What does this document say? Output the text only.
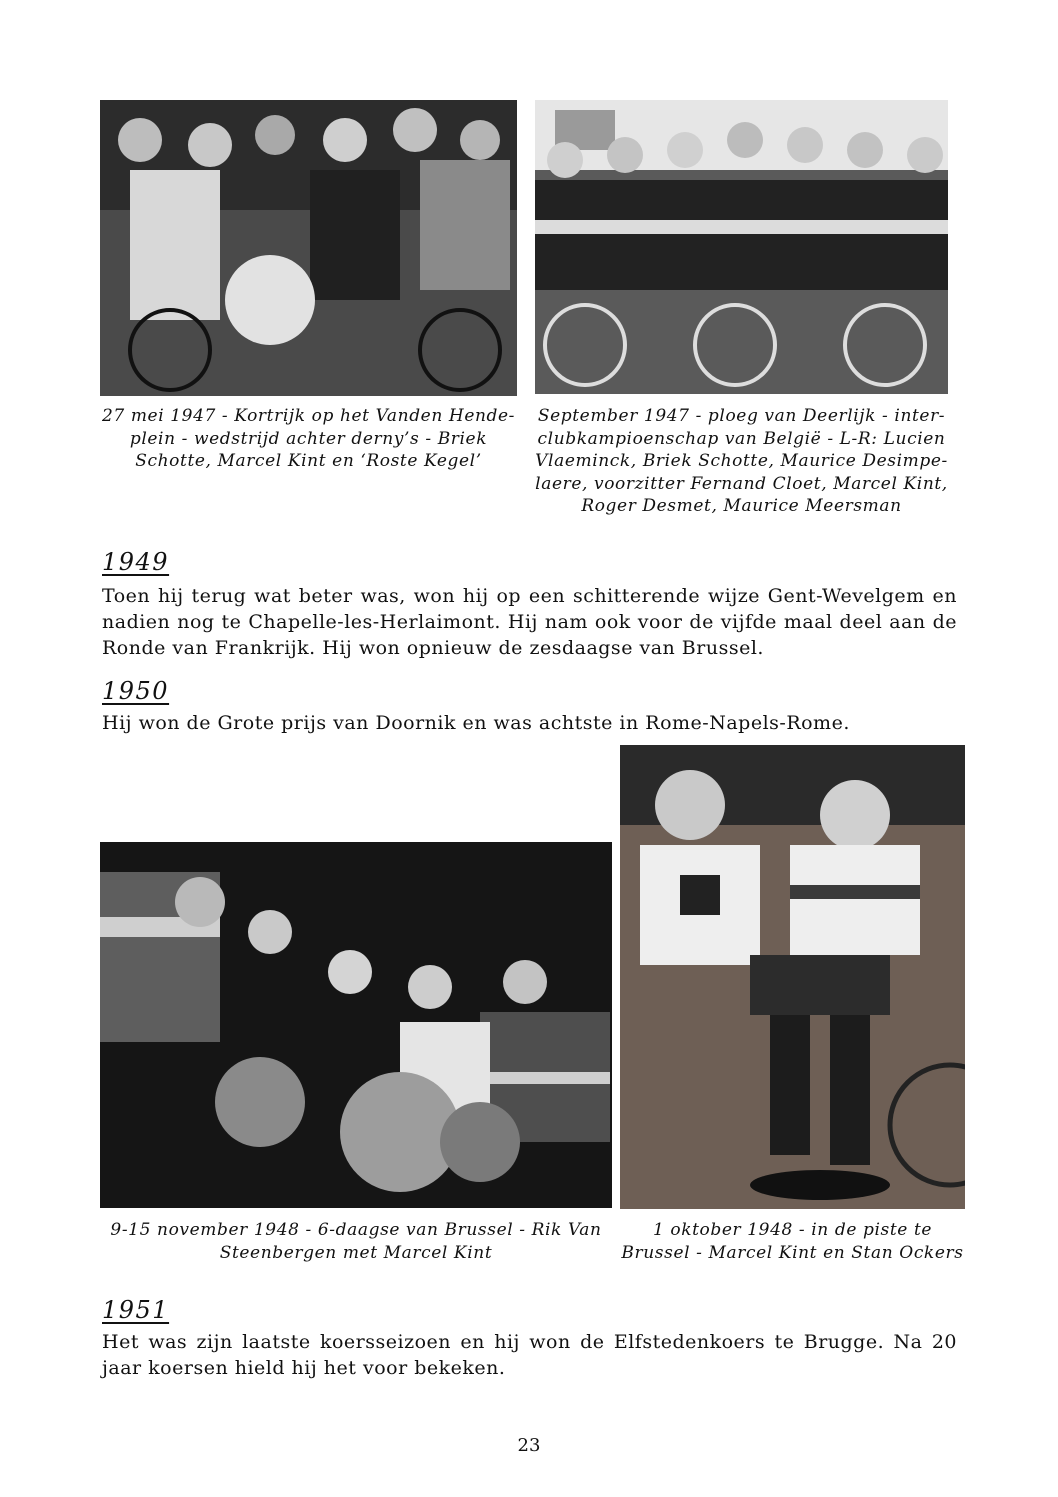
27 mei 1947 - Kortrijk op het Vanden Hende-plein - wedstrijd achter derny’s - Briek Schotte, Marcel Kint en ‘Roste Kegel’
September 1947 - ploeg van Deerlijk - inter-clubkampioenschap van België - L-R: Lucien Vlaeminck, Briek Schotte, Maurice Desimpe-laere, voorzitter Fernand Cloet, Marcel Kint, Roger Desmet, Maurice Meersman
1949
Toen hij terug wat beter was, won hij op een schitterende wijze Gent-Wevelgem en nadien nog te Chapelle-les-Herlaimont. Hij nam ook voor de vijfde maal deel aan de Ronde van Frankrijk. Hij won opnieuw de zesdaagse van Brussel.
1950
Hij won de Grote prijs van Doornik en was achtste in Rome-Napels-Rome.
9-15 november 1948 - 6-daagse van Brussel - Rik Van Steenbergen met Marcel Kint
1 oktober 1948 - in de piste te Brussel - Marcel Kint en Stan Ockers
1951
Het was zijn laatste koersseizoen en hij won de Elfstedenkoers te Brugge. Na 20 jaar koersen hield hij het voor bekeken.
23
